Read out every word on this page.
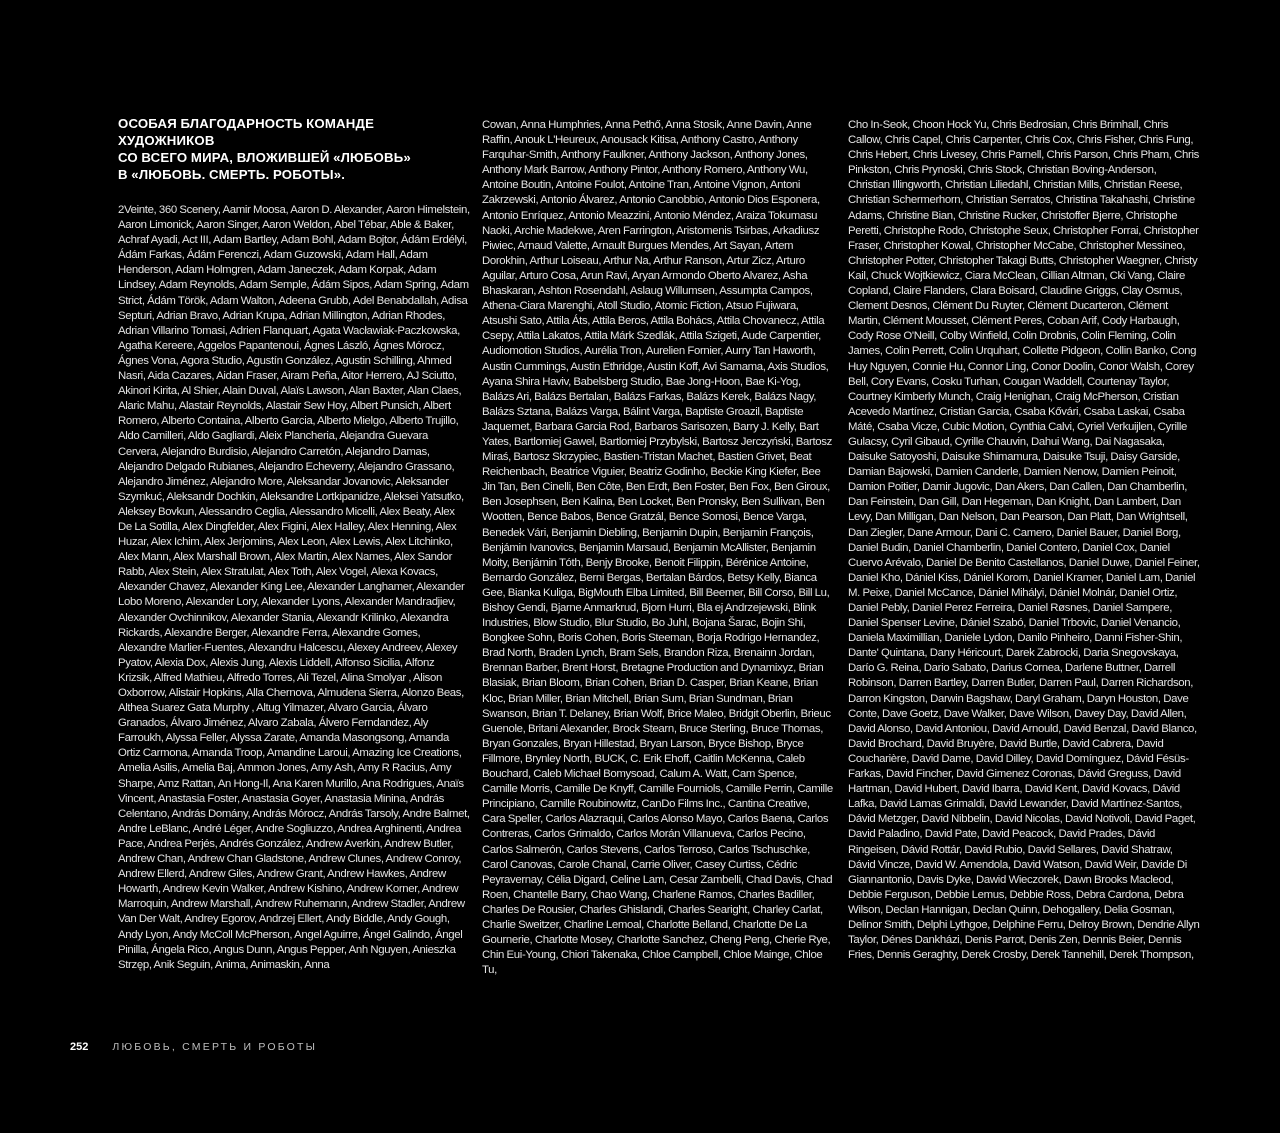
ОСОБАЯ БЛАГОДАРНОСТЬ КОМАНДЕ ХУДОЖНИКОВ
СО ВСЕГО МИРА, ВЛОЖИВШЕЙ «ЛЮБОВЬ»
В «ЛЮБОВЬ. СМЕРТЬ. РОБОТЫ».

2Veinte, 360 Scenery, Aamir Moosa, Aaron D. Alexander, Aaron Himelstein, Aaron Limonick, Aaron Singer, Aaron Weldon, Abel Tébar, Able & Baker, Achraf Ayadi, Act III, Adam Bartley, Adam Bohl, Adam Bojtor, Ádám Erdélyi, Ádám Farkas, Ádám Ferenczi, Adam Guzowski, Adam Hall, Adam Henderson, Adam Holmgren, Adam Janeczek, Adam Korpak, Adam Lindsey, Adam Reynolds, Adam Semple, Ádám Sipos, Adam Spring, Adam Strict, Ádám Török, Adam Walton, Adeena Grubb, Adel Benabdallah, Adisa Septuri, Adrian Bravo, Adrian Krupa, Adrian Millington, Adrian Rhodes, Adrian Villarino Tomasi, Adrien Flanquart, Agata Wacławiak-Paczkowska, Agatha Kereere, Aggelos Papantenoui, Ágnes László, Ágnes Mórocz, Ágnes Vona, Agora Studio, Agustín González, Agustin Schilling, Ahmed Nasri, Aida Cazares, Aidan Fraser, Airam Peña, Aitor Herrero, AJ Sciutto, Akinori Kirita, Al Shier, Alain Duval, Alaïs Lawson, Alan Baxter, Alan Claes, Alaric Mahu, Alastair Reynolds, Alastair Sew Hoy, Albert Punsich, Albert Romero, Alberto Containa, Alberto Garcia, Alberto Mielgo, Alberto Trujillo, Aldo Camilleri, Aldo Gagliardi, Aleix Plancheria, Alejandra Guevara Cervera, Alejandro Burdisio, Alejandro Carretón, Alejandro Damas, Alejandro Delgado Rubianes, Alejandro Echeverry, Alejandro Grassano, Alejandro Jiménez, Alejandro More, Aleksandar Jovanovic, Aleksander Szymkuć, Aleksandr Dochkin, Aleksandre Lortkipanidze, Aleksei Yatsutko, Aleksey Bovkun, Alessandro Ceglia, Alessandro Micelli, Alex Beaty, Alex De La Sotilla, Alex Dingfelder, Alex Figini, Alex Halley, Alex Henning, Alex Huzar, Alex Ichim, Alex Jerjomins, Alex Leon, Alex Lewis, Alex Litchinko, Alex Mann, Alex Marshall Brown, Alex Martin, Alex Names, Alex Sandor Rabb, Alex Stein, Alex Stratulat, Alex Toth, Alex Vogel, Alexa Kovacs, Alexander Chavez, Alexander King Lee, Alexander Langhamer, Alexander Lobo Moreno, Alexander Lory, Alexander Lyons, Alexander Mandradjiev, Alexander Ovchinnikov, Alexander Stania, Alexandr Krilinko, Alexandra Rickards, Alexandre Berger, Alexandre Ferra, Alexandre Gomes, Alexandre Marlier-Fuentes, Alexandru Halcescu, Alexey Andreev, Alexey Pyatov, Alexia Dox, Alexis Jung, Alexis Liddell, Alfonso Sicilia, Alfonz Krizsik, Alfred Mathieu, Alfredo Torres, Ali Tezel, Alina Smolyar , Alison Oxborrow, Alistair Hopkins, Alla Chernova, Almudena Sierra, Alonzo Beas, Althea Suarez Gata Murphy , Altug Yilmazer, Alvaro Garcia, Álvaro Granados, Álvaro Jiménez, Alvaro Zabala, Álvero Ferndandez, Aly Farroukh, Alyssa Feller, Alyssa Zarate, Amanda Masongsong, Amanda Ortiz Carmona, Amanda Troop, Amandine Laroui, Amazing Ice Creations, Amelia Asilis, Amelia Baj, Ammon Jones, Amy Ash, Amy R Racius, Amy Sharpe, Amz Rattan, An Hong-Il, Ana Karen Murillo, Ana Rodrigues, Anaïs Vincent, Anastasia Foster, Anastasia Goyer, Anastasia Minina, András Celentano, András Domány, András Mórocz, András Tarsoly, Andre Balmet, Andre LeBlanc, André Léger, Andre Sogliuzzo, Andrea Arghinenti, Andrea Pace, Andrea Perjés, Andrés González, Andrew Averkin, Andrew Butler, Andrew Chan, Andrew Chan Gladstone, Andrew Clunes, Andrew Conroy, Andrew Ellerd, Andrew Giles, Andrew Grant, Andrew Hawkes, Andrew Howarth, Andrew Kevin Walker, Andrew Kishino, Andrew Korner, Andrew Marroquin, Andrew Marshall, Andrew Ruhemann, Andrew Stadler, Andrew Van Der Walt, Andrey Egorov, Andrzej Ellert, Andy Biddle, Andy Gough, Andy Lyon, Andy McColl McPherson, Angel Aguirre, Ángel Galindo, Ángel Pinilla, Ángela Rico, Angus Dunn, Angus Pepper, Anh Nguyen, Anieszka Strzęp, Anik Seguin, Anima, Animaskin, Anna

Cowan, Anna Humphries, Anna Pethő, Anna Stosik, Anne Davin, Anne Raffin, Anouk L'Heureux, Anousack Kitisa, Anthony Castro, Anthony Farquhar-Smith, Anthony Faulkner, Anthony Jackson, Anthony Jones, Anthony Mark Barrow, Anthony Pintor, Anthony Romero, Anthony Wu, Antoine Boutin, Antoine Foulot, Antoine Tran, Antoine Vignon, Antoni Zakrzewski, Antonio Álvarez, Antonio Canobbio, Antonio Dios Esponera, Antonio Enríquez, Antonio Meazzini, Antonio Méndez, Araiza Tokumasu Naoki, Archie Madekwe, Aren Farrington, Aristomenis Tsirbas, Arkadiusz Piwiec, Arnaud Valette, Arnault Burgues Mendes, Art Sayan, Artem Dorokhin, Arthur Loiseau, Arthur Na, Arthur Ranson, Artur Zicz, Arturo Aguilar, Arturo Cosa, Arun Ravi, Aryan Armondo Oberto Alvarez, Asha Bhaskaran, Ashton Rosendahl, Aslaug Willumsen, Assumpta Campos, Athena-Ciara Marenghi, Atoll Studio, Atomic Fiction, Atsuo Fujiwara, Atsushi Sato, Attila Áts, Attila Beros, Attila Bohács, Attila Chovanecz, Attila Csepy, Attila Lakatos, Attila Márk Szedlák, Attila Szigeti, Aude Carpentier, Audiomotion Studios, Aurélia Tron, Aurelien Fornier, Aurry Tan Haworth, Austin Cummings, Austin Ethridge, Austin Koff, Avi Samama, Axis Studios, Ayana Shira Haviv, Babelsberg Studio, Bae Jong-Hoon, Bae Ki-Yog, Balázs Ari, Balázs Bertalan, Balázs Farkas, Balázs Kerek, Balázs Nagy, Balázs Sztana, Balázs Varga, Bálint Varga, Baptiste Groazil, Baptiste Jaquemet, Barbara Garcia Rod, Barbaros Sarisozen, Barry J. Kelly, Bart Yates, Bartlomiej Gawel, Bartlomiej Przybylski, Bartosz Jerczyński, Bartosz Miraś, Bartosz Skrzypiec, Bastien-Tristan Machet, Bastien Grivet, Beat Reichenbach, Beatrice Viguier, Beatriz Godinho, Beckie King Kiefer, Bee Jin Tan, Ben Cinelli, Ben Côte, Ben Erdt, Ben Foster, Ben Fox, Ben Giroux, Ben Josephsen, Ben Kalina, Ben Locket, Ben Pronsky, Ben Sullivan, Ben Wootten, Bence Babos, Bence Gratzál, Bence Somosi, Bence Varga, Benedek Vári, Benjamin Diebling, Benjamin Dupin, Benjamin François, Benjámin Ivanovics, Benjamin Marsaud, Benjamin McAllister, Benjamin Moity, Benjámin Tóth, Benjy Brooke, Benoit Filippin, Bérénice Antoine, Bernardo González, Berni Bergas, Bertalan Bárdos, Betsy Kelly, Bianca Gee, Bianka Kuliga, BigMouth Elba Limited, Bill Beemer, Bill Corso, Bill Lu, Bishoy Gendi, Bjarne Anmarkrud, Bjorn Hurri, Bla ej Andrzejewski, Blink Industries, Blow Studio, Blur Studio, Bo Juhl, Bojana Šarac, Bojin Shi, Bongkee Sohn, Boris Cohen, Boris Steeman, Borja Rodrigo Hernandez, Brad North, Braden Lynch, Bram Sels, Brandon Riza, Brenainn Jordan, Brennan Barber, Brent Horst, Bretagne Production and Dynamixyz, Brian Blasiak, Brian Bloom, Brian Cohen, Brian D. Casper, Brian Keane, Brian Kloc, Brian Miller, Brian Mitchell, Brian Sum, Brian Sundman, Brian Swanson, Brian T. Delaney, Brian Wolf, Brice Maleo, Bridgit Oberlin, Brieuc Guenole, Britani Alexander, Brock Stearn, Bruce Sterling, Bruce Thomas, Bryan Gonzales, Bryan Hillestad, Bryan Larson, Bryce Bishop, Bryce Fillmore, Brynley North, BUCK, C. Erik Ehoff, Caitlin McKenna, Caleb Bouchard, Caleb Michael Bomysoad, Calum A. Watt, Cam Spence, Camille Morris, Camille De Knyff, Camille Fourniols, Camille Perrin, Camille Principiano, Camille Roubinowitz, CanDo Films Inc., Cantina Creative, Cara Speller, Carlos Alazraqui, Carlos Alonso Mayo, Carlos Baena, Carlos Contreras, Carlos Grimaldo, Carlos Morán Villanueva, Carlos Pecino, Carlos Salmerón, Carlos Stevens, Carlos Terroso, Carlos Tschuschke, Carol Canovas, Carole Chanal, Carrie Oliver, Casey Curtiss, Cédric Peyravernay, Célia Digard, Celine Lam, Cesar Zambelli, Chad Davis, Chad Roen, Chantelle Barry, Chao Wang, Charlene Ramos, Charles Badiller, Charles De Rousier, Charles Ghislandi, Charles Searight, Charley Carlat, Charlie Sweitzer, Charline Lemoal, Charlotte Belland, Charlotte De La Gournerie, Charlotte Mosey, Charlotte Sanchez, Cheng Peng, Cherie Rye, Chin Eui-Young, Chiori Takenaka, Chloe Campbell, Chloe Mainge, Chloe Tu,

Cho In-Seok, Choon Hock Yu, Chris Bedrosian, Chris Brimhall, Chris Callow, Chris Capel, Chris Carpenter, Chris Cox, Chris Fisher, Chris Fung, Chris Hebert, Chris Livesey, Chris Parnell, Chris Parson, Chris Pham, Chris Pinkston, Chris Prynoski, Chris Stock, Christian Boving-Anderson, Christian Illingworth, Christian Liliedahl, Christian Mills, Christian Reese, Christian Schermerhorn, Christian Serratos, Christina Takahashi, Christine Adams, Christine Bian, Christine Rucker, Christoffer Bjerre, Christophe Peretti, Christophe Rodo, Christophe Seux, Christopher Forrai, Christopher Fraser, Christopher Kowal, Christopher McCabe, Christopher Messineo, Christopher Potter, Christopher Takagi Butts, Christopher Waegner, Christy Kail, Chuck Wojtkiewicz, Ciara McClean, Cillian Altman, Cki Vang, Claire Copland, Claire Flanders, Clara Boisard, Claudine Griggs, Clay Osmus, Clement Desnos, Clément Du Ruyter, Clément Ducarteron, Clément Martin, Clément Mousset, Clément Peres, Coban Arif, Cody Harbaugh, Cody Rose O'Neill, Colby Winfield, Colin Drobnis, Colin Fleming, Colin James, Colin Perrett, Colin Urquhart, Collette Pidgeon, Collin Banko, Cong Huy Nguyen, Connie Hu, Connor Ling, Conor Doolin, Conor Walsh, Corey Bell, Cory Evans, Cosku Turhan, Cougan Waddell, Courtenay Taylor, Courtney Kimberly Munch, Craig Henighan, Craig McPherson, Cristian Acevedo Martínez, Cristian Garcia, Csaba Kővári, Csaba Laskai, Csaba Máté, Csaba Vicze, Cubic Motion, Cynthia Calvi, Cyriel Verkuijlen, Cyrille Gulacsy, Cyril Gibaud, Cyrille Chauvin, Dahui Wang, Dai Nagasaka, Daisuke Satoyoshi, Daisuke Shimamura, Daisuke Tsuji, Daisy Garside, Damian Bajowski, Damien Canderle, Damien Nenow, Damien Peinoit, Damion Poitier, Damir Jugovic, Dan Akers, Dan Callen, Dan Chamberlin, Dan Feinstein, Dan Gill, Dan Hegeman, Dan Knight, Dan Lambert, Dan Levy, Dan Milligan, Dan Nelson, Dan Pearson, Dan Platt, Dan Wrightsell, Dan Ziegler, Dane Armour, Dani C. Camero, Daniel Bauer, Daniel Borg, Daniel Budin, Daniel Chamberlin, Daniel Contero, Daniel Cox, Daniel Cuervo Arévalo, Daniel De Benito Castellanos, Daniel Duwe, Daniel Feiner, Daniel Kho, Dániel Kiss, Dániel Korom, Daniel Kramer, Daniel Lam, Daniel M. Peixe, Daniel McCance, Dániel Mihályi, Dániel Molnár, Daniel Ortiz, Daniel Pebly, Daniel Perez Ferreira, Daniel Røsnes, Daniel Sampere, Daniel Spenser Levine, Dániel Szabó, Daniel Trbovic, Daniel Venancio, Daniela Maximillian, Daniele Lydon, Danilo Pinheiro, Danni Fisher-Shin, Dante' Quintana, Dany Héricourt, Darek Zabrocki, Daria Snegovskaya, Darío G. Reina, Dario Sabato, Darius Cornea, Darlene Buttner, Darrell Robinson, Darren Bartley, Darren Butler, Darren Paul, Darren Richardson, Darron Kingston, Darwin Bagshaw, Daryl Graham, Daryn Houston, Dave Conte, Dave Goetz, Dave Walker, Dave Wilson, Davey Day, David Allen, David Alonso, David Antoniou, David Arnould, David Benzal, David Blanco, David Brochard, David Bruyère, David Burtle, David Cabrera, David Coucharière, David Dame, David Dilley, David Domínguez, Dávid Fésüs-Farkas, David Fincher, David Gimenez Coronas, Dávid Greguss, David Hartman, David Hubert, David Ibarra, David Kent, David Kovacs, Dávid Lafka, David Lamas Grimaldi, David Lewander, David Martínez-Santos, Dávid Metzger, David Nibbelin, David Nicolas, David Notivoli, David Paget, David Paladino, David Pate, David Peacock, David Prades, Dávid Ringeisen, Dávid Rottár, David Rubio, David Sellares, David Shatraw, Dávid Vincze, David W. Amendola, David Watson, David Weir, Davide Di Giannantonio, Davis Dyke, Dawid Wieczorek, Dawn Brooks Macleod, Debbie Ferguson, Debbie Lemus, Debbie Ross, Debra Cardona, Debra Wilson, Declan Hannigan, Declan Quinn, Dehogallery, Delia Gosman, Delinor Smith, Delphi Lythgoe, Delphine Ferru, Delroy Brown, Dendrie Allyn Taylor, Dénes Dankházi, Denis Parrot, Denis Zen, Dennis Beier, Dennis Fries, Dennis Geraghty, Derek Crosby, Derek Tannehill, Derek Thompson,

252 ЛЮБОВЬ, СМЕРТЬ И РОБОТЫ
